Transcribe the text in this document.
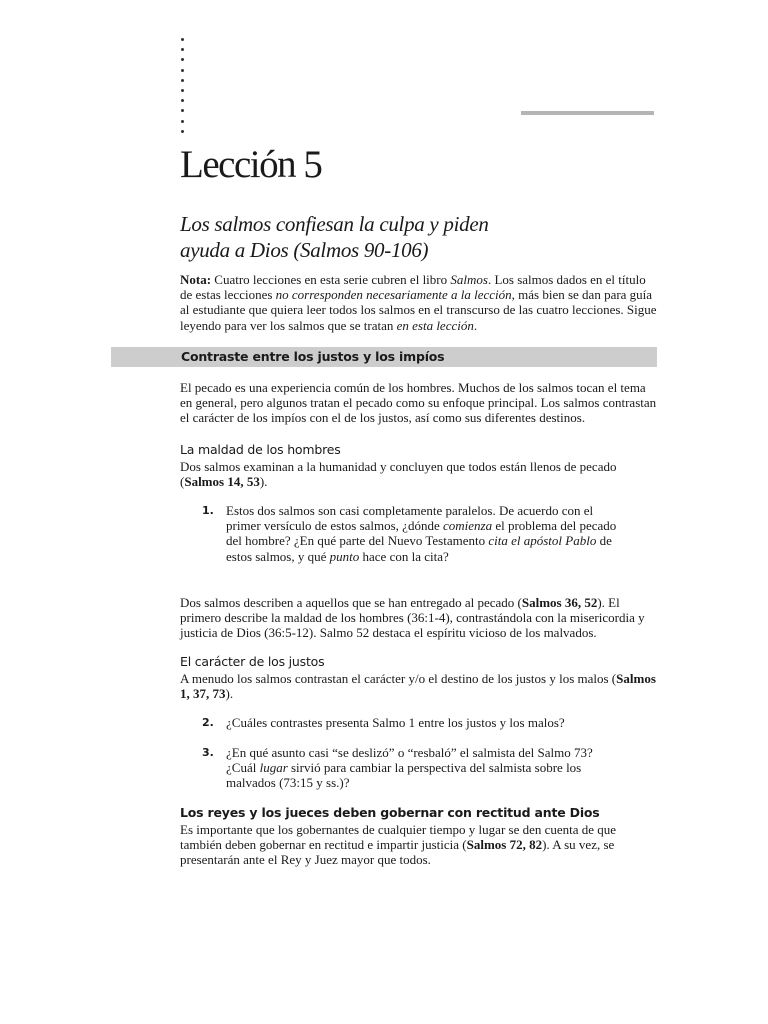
Lección 5
Los salmos confiesan la culpa y piden
ayuda a Dios (Salmos 90-106)
Nota: Cuatro lecciones en esta serie cubren el libro Salmos. Los salmos dados en el título de estas lecciones no corresponden necesariamente a la lección, más bien se dan para guía al estudiante que quiera leer todos los salmos en el transcurso de las cuatro lecciones. Sigue leyendo para ver los salmos que se tratan en esta lección.
Contraste entre los justos y los impíos
El pecado es una experiencia común de los hombres. Muchos de los salmos tocan el tema en general, pero algunos tratan el pecado como su enfoque principal. Los salmos contrastan el carácter de los impíos con el de los justos, así como sus diferentes destinos.
La maldad de los hombres
Dos salmos examinan a la humanidad y concluyen que todos están llenos de pecado (Salmos 14, 53).
1. Estos dos salmos son casi completamente paralelos. De acuerdo con el primer versículo de estos salmos, ¿dónde comienza el problema del pecado del hombre? ¿En qué parte del Nuevo Testamento cita el apóstol Pablo de estos salmos, y qué punto hace con la cita?
Dos salmos describen a aquellos que se han entregado al pecado (Salmos 36, 52). El primero describe la maldad de los hombres (36:1-4), contrastándola con la misericordia y justicia de Dios (36:5-12). Salmo 52 destaca el espíritu vicioso de los malvados.
El carácter de los justos
A menudo los salmos contrastan el carácter y/o el destino de los justos y los malos (Salmos 1, 37, 73).
2. ¿Cuáles contrastes presenta Salmo 1 entre los justos y los malos?
3. ¿En qué asunto casi “se deslizó” o “resbaló” el salmista del Salmo 73?
¿Cuál lugar sirvió para cambiar la perspectiva del salmista sobre los malvados (73:15 y ss.)?
Los reyes y los jueces deben gobernar con rectitud ante Dios
Es importante que los gobernantes de cualquier tiempo y lugar se den cuenta de que también deben gobernar en rectitud e impartir justicia (Salmos 72, 82). A su vez, se presentarán ante el Rey y Juez mayor que todos.
